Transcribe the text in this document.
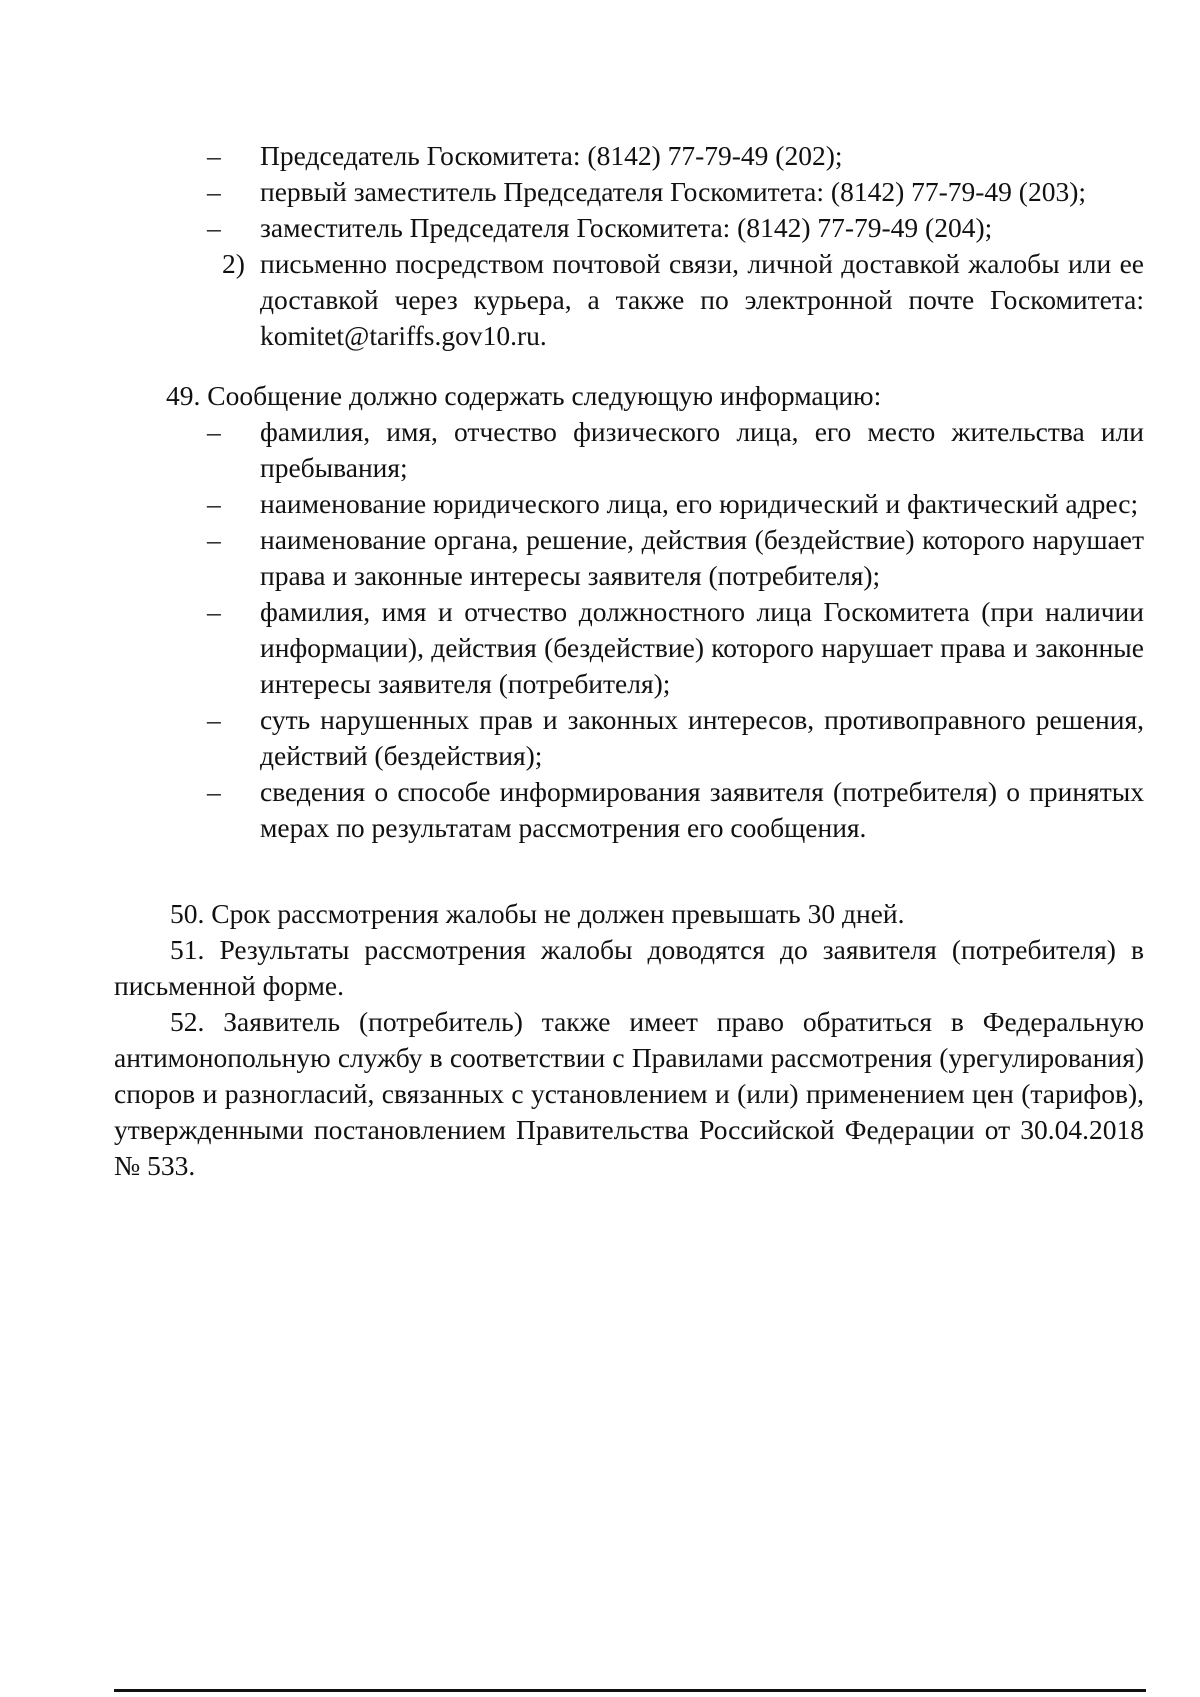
–	Председатель Госкомитета: (8142) 77-79-49 (202);
–	первый заместитель Председателя Госкомитета: (8142) 77-79-49 (203);
–	заместитель Председателя Госкомитета: (8142) 77-79-49 (204);
2) письменно посредством почтовой связи, личной доставкой жалобы или ее доставкой через курьера, а также по электронной почте Госкомитета: komitet@tariffs.gov10.ru.
49. Сообщение должно содержать следующую информацию:
–	фамилия, имя, отчество физического лица, его место жительства или пребывания;
–	наименование юридического лица, его юридический и фактический адрес;
–	наименование органа, решение, действия (бездействие) которого нарушает права и законные интересы заявителя (потребителя);
–	фамилия, имя и отчество должностного лица Госкомитета (при наличии информации), действия (бездействие) которого нарушает права и законные интересы заявителя (потребителя);
–	суть нарушенных прав и законных интересов, противоправного решения, действий (бездействия);
–	сведения о способе информирования заявителя (потребителя) о принятых мерах по результатам рассмотрения его сообщения.
50. Срок рассмотрения жалобы не должен превышать 30 дней.
51. Результаты рассмотрения жалобы доводятся до заявителя (потребителя) в письменной форме.
52. Заявитель (потребитель) также имеет право обратиться в Федеральную антимонопольную службу в соответствии с Правилами рассмотрения (урегулирования) споров и разногласий, связанных с установлением и (или) применением цен (тарифов), утвержденными постановлением Правительства Российской Федерации от 30.04.2018 № 533.
